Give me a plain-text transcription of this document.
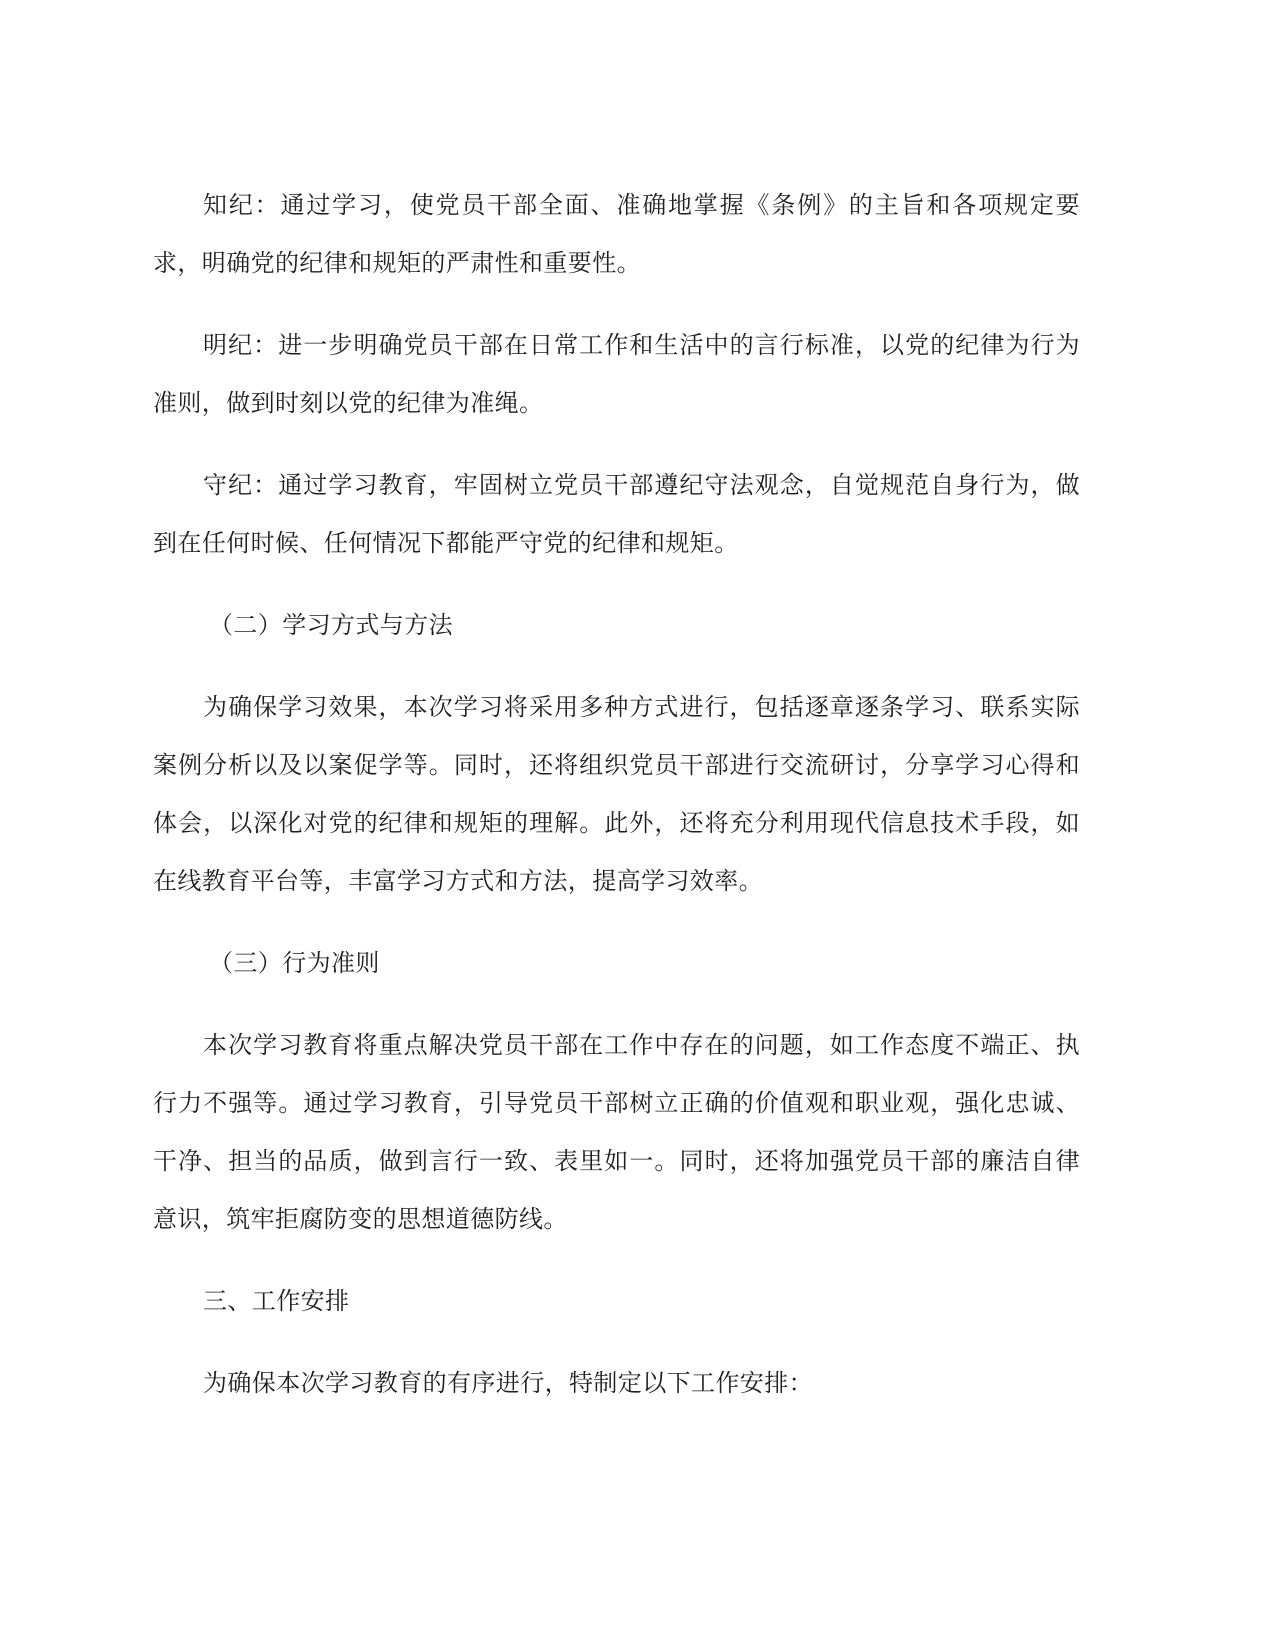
知纪：通过学习，使党员干部全面、准确地掌握《条例》的主旨和各项规定要求，明确党的纪律和规矩的严肃性和重要性。

明纪：进一步明确党员干部在日常工作和生活中的言行标准，以党的纪律为行为准则，做到时刻以党的纪律为准绳。

守纪：通过学习教育，牢固树立党员干部遵纪守法观念，自觉规范自身行为，做到在任何时候、任何情况下都能严守党的纪律和规矩。

（二）学习方式与方法

为确保学习效果，本次学习将采用多种方式进行，包括逐章逐条学习、联系实际案例分析以及以案促学等。同时，还将组织党员干部进行交流研讨，分享学习心得和体会，以深化对党的纪律和规矩的理解。此外，还将充分利用现代信息技术手段，如在线教育平台等，丰富学习方式和方法，提高学习效率。

（三）行为准则

本次学习教育将重点解决党员干部在工作中存在的问题，如工作态度不端正、执行力不强等。通过学习教育，引导党员干部树立正确的价值观和职业观，强化忠诚、干净、担当的品质，做到言行一致、表里如一。同时，还将加强党员干部的廉洁自律意识，筑牢拒腐防变的思想道德防线。

三、工作安排

为确保本次学习教育的有序进行，特制定以下工作安排：
